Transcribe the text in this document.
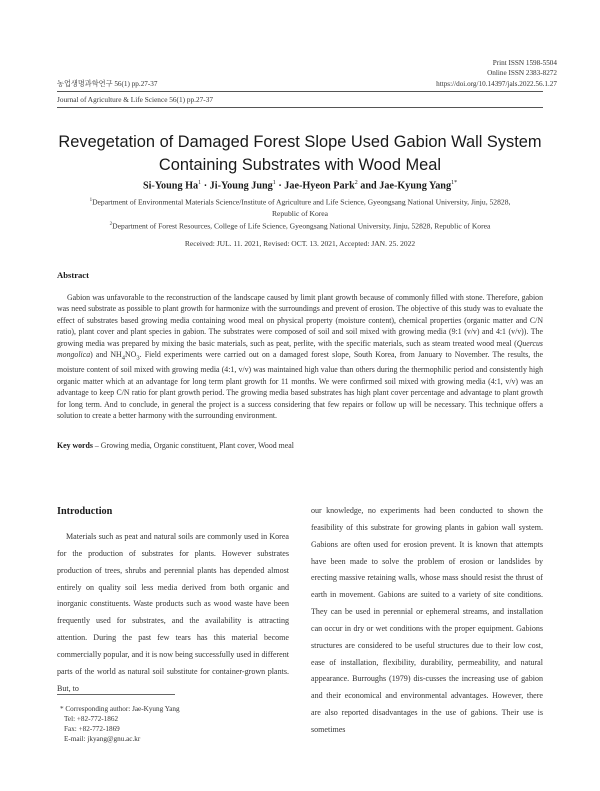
Print ISSN 1598-5504
Online ISSN 2383-8272
https://doi.org/10.14397/jals.2022.56.1.27
농업생명과학연구 56(1) pp.27-37
Journal of Agriculture & Life Science 56(1) pp.27-37
Revegetation of Damaged Forest Slope Used Gabion Wall System
Containing Substrates with Wood Meal
Si-Young $Ha^1$ · Ji-Young Jung$^1$ · Jae-Hyeon Park$^2$ and Jae-Kyung Yang$^{1*}$
$^1$Department of Environmental Materials Science/Institute of Agriculture and Life Science, Gyeongsang National University, Jinju, 52828,
Republic of Korea
$^2$Department of Forest Resources, College of Life Science, Gyeongsang National University, Jinju, 52828, Republic of Korea
Received: JUL. 11. 2021, Revised: OCT. 13. 2021, Accepted: JAN. 25. 2022
Abstract

Gabion was unfavorable to the reconstruction of the landscape caused by limit plant growth because of commonly filled with stone. Therefore, gabion was need substrate as possible to plant growth for harmonize with the surroundings and prevent of erosion. The objective of this study was to evaluate the effect of substrates based growing media containing wood meal on physical property (moisture content), chemical properties (organic matter and C/N ratio), plant cover and plant species in gabion. The substrates were composed of soil and soil mixed with growing media (9:1 (v/v) and 4:1 (v/v)). The growing media was prepared by mixing the basic materials, such as peat, perlite, with the specific materials, such as steam treated wood meal (Quercus mongolica) and $NH_4NO_3$. Field experiments were carried out on a damaged forest slope, South Korea, from January to November. The results, the moisture content of soil mixed with growing media (4:1, v/v) was maintained high value than others during the thermophilic period and consistently high organic matter which at an advantage for long term plant growth for 11 months. We were confirmed soil mixed with growing media (4:1, v/v) was an advantage to keep C/N ratio for plant growth period. The growing media based substrates has high plant cover percentage and advantage to plant growth for long term. And to conclude, in general the project is a success considering that few repairs or follow up will be necessary. This technique offers a solution to create a better harmony with the surrounding environment.

Key words – Growing media, Organic constituent, Plant cover, Wood meal
Introduction

Materials such as peat and natural soils are commonly used in Korea for the production of substrates for plants. However substrates production of trees, shrubs and perennial plants has depended almost entirely on quality soil less media derived from both organic and inorganic constituents. Waste products such as wood waste have been frequently used for substrates, and the availability is attracting attention. During the past few tears has this material become commercially popular, and it is now being successfully used in different parts of the world as natural soil substitute for container-grown plants. But, to

our knowledge, no experiments had been conducted to shown the feasibility of this substrate for growing plants in gabion wall system. Gabions are often used for erosion prevent. It is known that attempts have been made to solve the problem of erosion or landslides by erecting massive retaining walls, whose mass should resist the thrust of earth in movement. Gabions are suited to a variety of site conditions. They can be used in perennial or ephemeral streams, and installation can occur in dry or wet conditions with the proper equipment. Gabions structures are considered to be useful structures due to their low cost, ease of installation, flexibility, durability, permeability, and natural appearance. Burroughs (1979) dis-cusses the increasing use of gabion and their economical and environmental advantages. However, there are also reported disadvantages in the use of gabions. Their use is sometimes

* Corresponding author: Jae-Kyung Yang
Tel: +82-772-1862
Fax: +82-772-1869
E-mail: jkyang@gnu.ac.kr
